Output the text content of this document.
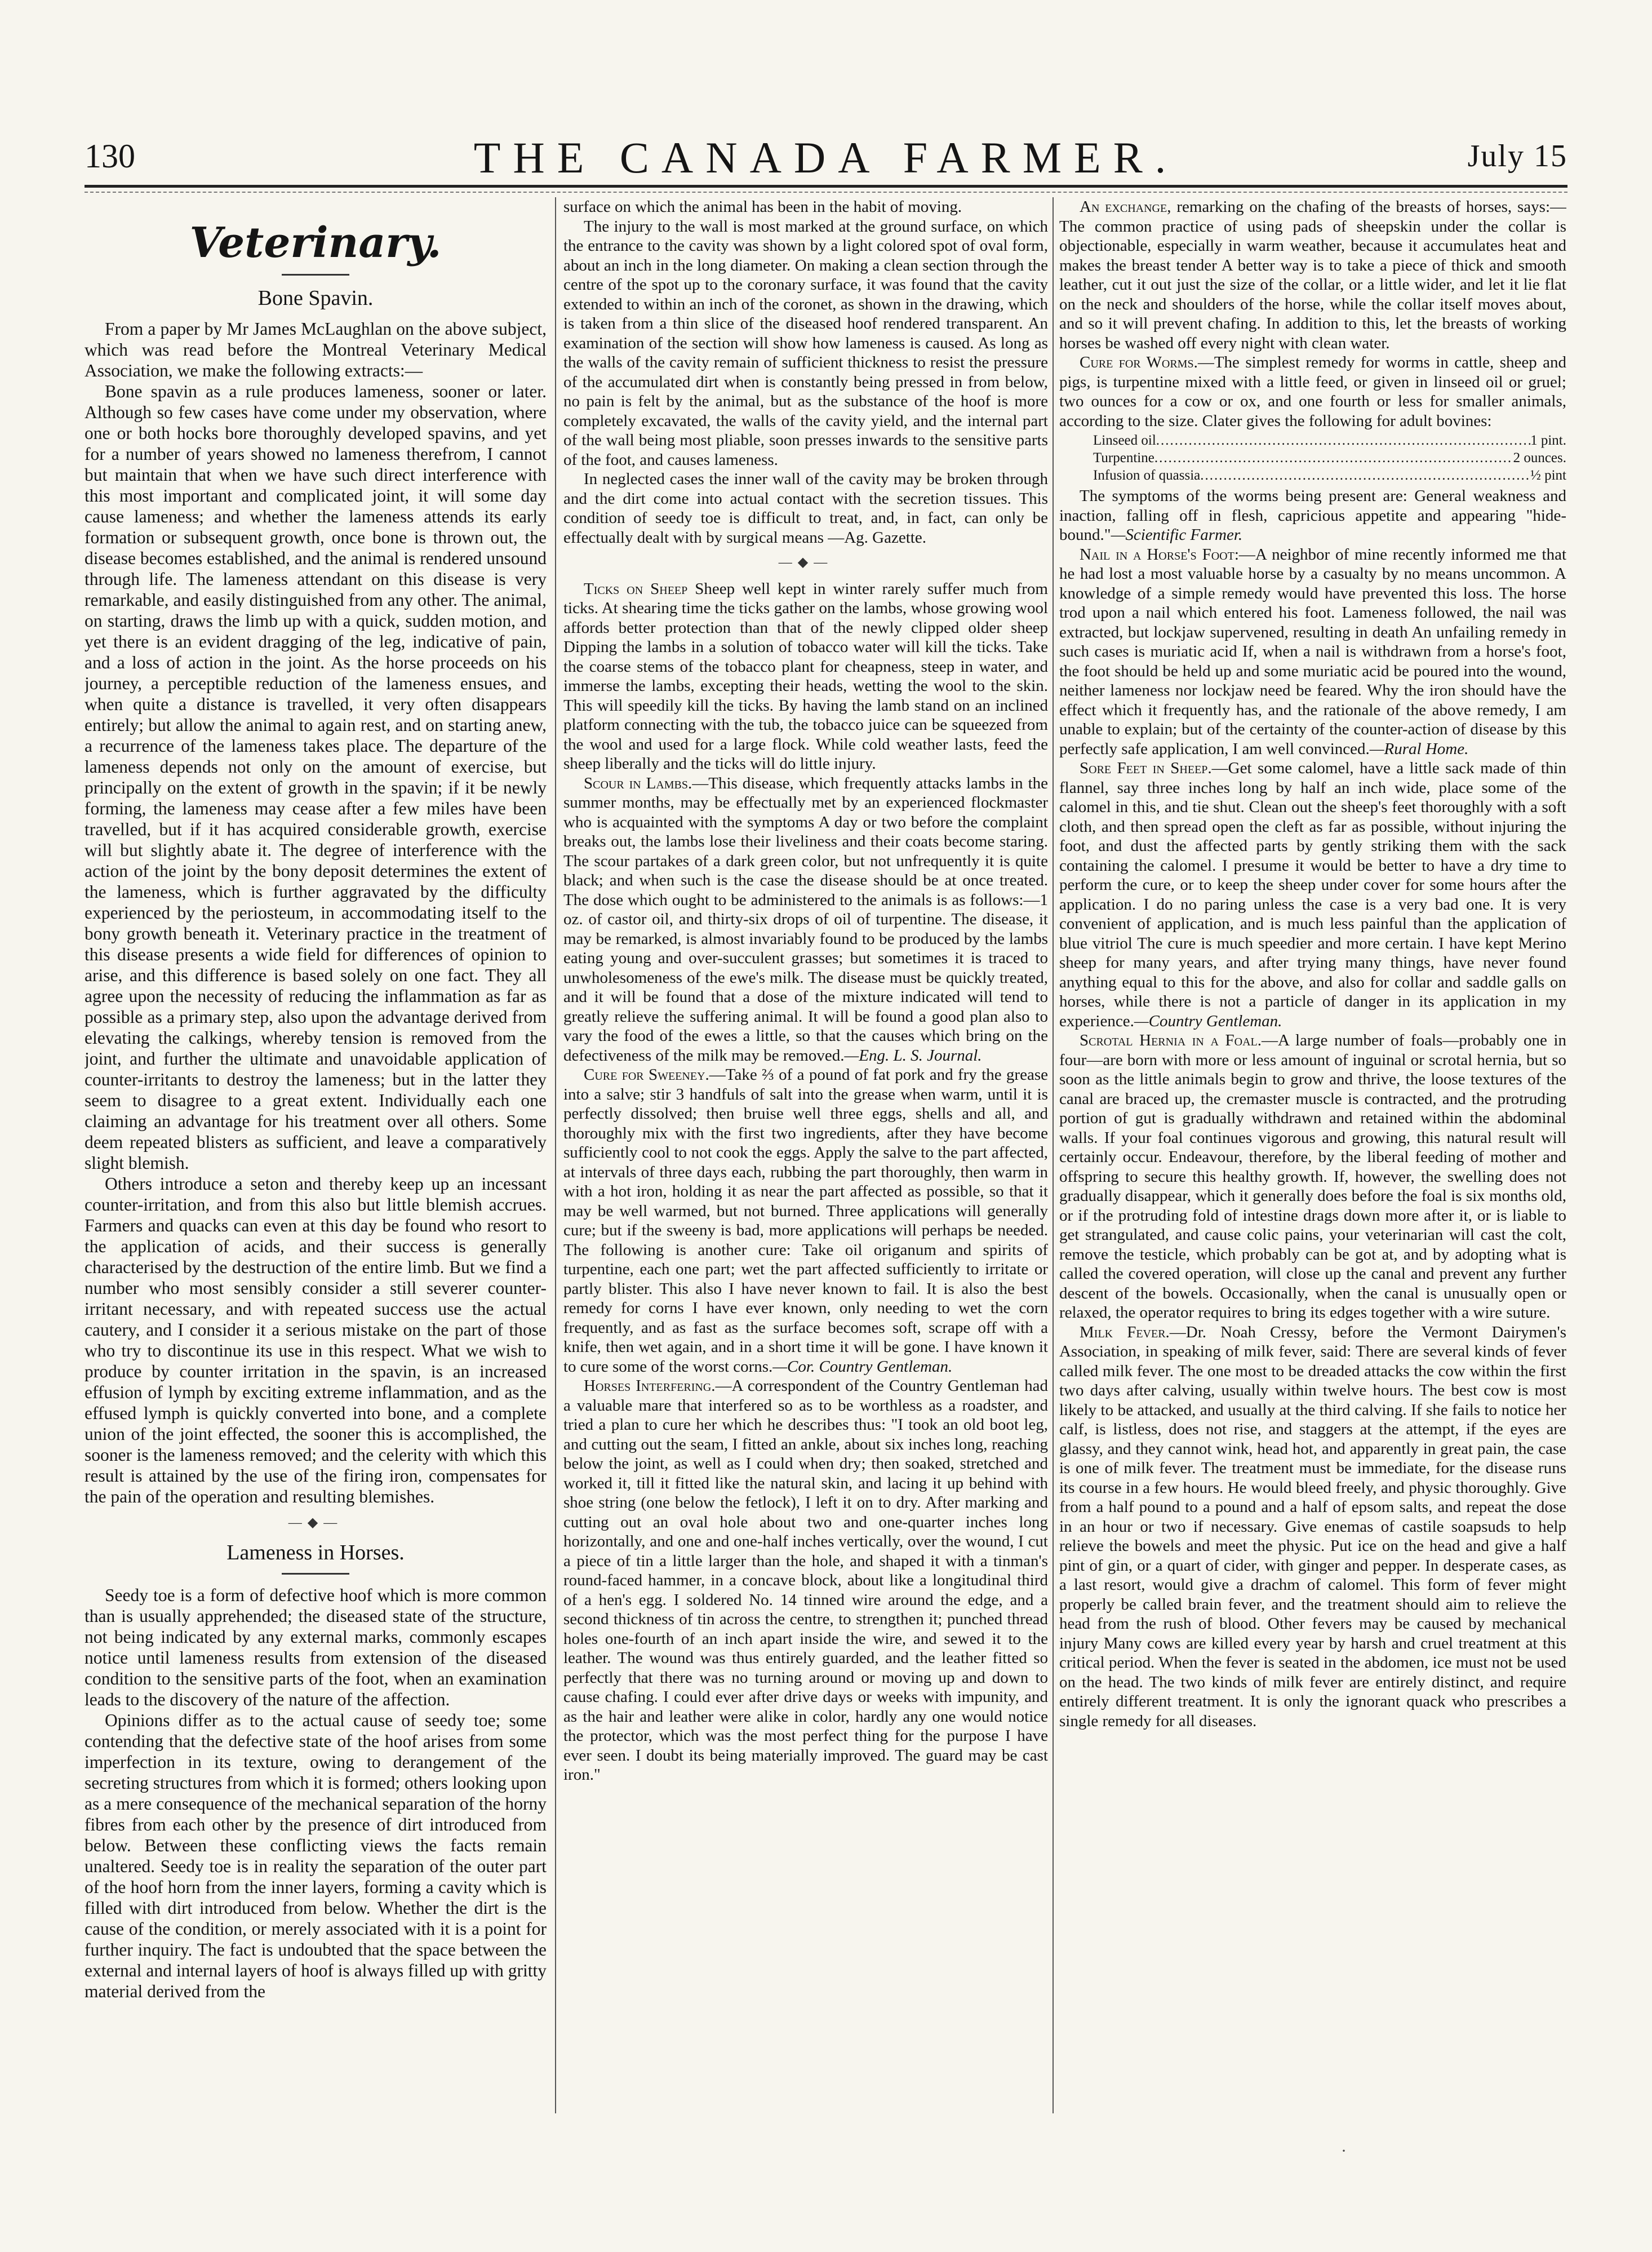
130	THE CANADA FARMER.	July 15
Veterinary.
Bone Spavin.

From a paper by Mr James McLaughlan on the above subject, which was read before the Montreal Veterinary Medical Association, we make the following extracts:—

Bone spavin as a rule produces lameness, sooner or later. Although so few cases have come under my observation, where one or both hocks bore thoroughly developed spavins, and yet for a number of years showed no lameness therefrom, I cannot but maintain that when we have such direct interference with this most important and complicated joint, it will some day cause lameness; and whether the lameness attends its early formation or subsequent growth, once bone is thrown out, the disease becomes established, and the animal is rendered unsound through life. The lameness attendant on this disease is very remarkable, and easily distinguished from any other. The animal, on starting, draws the limb up with a quick, sudden motion, and yet there is an evident dragging of the leg, indicative of pain, and a loss of action in the joint. As the horse proceeds on his journey, a perceptible reduction of the lameness ensues, and when quite a distance is travelled, it very often disappears entirely; but allow the animal to again rest, and on starting anew, a recurrence of the lameness takes place. The departure of the lameness depends not only on the amount of exercise, but principally on the extent of growth in the spavin; if it be newly forming, the lameness may cease after a few miles have been travelled, but if it has acquired considerable growth, exercise will but slightly abate it. The degree of interference with the action of the joint by the bony deposit determines the extent of the lameness, which is further aggravated by the difficulty experienced by the periosteum, in accommodating itself to the bony growth beneath it. Veterinary practice in the treatment of this disease presents a wide field for differences of opinion to arise, and this difference is based solely on one fact. They all agree upon the necessity of reducing the inflammation as far as possible as a primary step, also upon the advantage derived from elevating the calkings, whereby tension is removed from the joint, and further the ultimate and unavoidable application of counter-irritants to destroy the lameness; but in the latter they seem to disagree to a great extent. Individually each one claiming an advantage for his treatment over all others. Some deem repeated blisters as sufficient, and leave a comparatively slight blemish.

Others introduce a seton and thereby keep up an incessant counter-irritation, and from this also but little blemish accrues. Farmers and quacks can even at this day be found who resort to the application of acids, and their success is generally characterised by the destruction of the entire limb. But we find a number who most sensibly consider a still severer counter-irritant necessary, and with repeated success use the actual cautery, and I consider it a serious mistake on the part of those who try to discontinue its use in this respect. What we wish to produce by counter irritation in the spavin, is an increased effusion of lymph by exciting extreme inflammation, and as the effused lymph is quickly converted into bone, and a complete union of the joint effected, the sooner this is accomplished, the sooner is the lameness removed; and the celerity with which this result is attained by the use of the firing iron, compensates for the pain of the operation and resulting blemishes.

—◆—
Lameness in Horses.

Seedy toe is a form of defective hoof which is more common than is usually apprehended; the diseased state of the structure, not being indicated by any external marks, commonly escapes notice until lameness results from extension of the diseased condition to the sensitive parts of the foot, when an examination leads to the discovery of the nature of the affection.

Opinions differ as to the actual cause of seedy toe; some contending that the defective state of the hoof arises from some imperfection in its texture, owing to derangement of the secreting structures from which it is formed; others looking upon as a mere consequence of the mechanical separation of the horny fibres from each other by the presence of dirt introduced from below. Between these conflicting views the facts remain unaltered. Seedy toe is in reality the separation of the outer part of the hoof horn from the inner layers, forming a cavity which is filled with dirt introduced from below. Whether the dirt is the cause of the condition, or merely associated with it is a point for further inquiry. The fact is undoubted that the space between the external and internal layers of hoof is always filled up with gritty material derived from the

surface on which the animal has been in the habit of moving.

The injury to the wall is most marked at the ground surface, on which the entrance to the cavity was shown by a light colored spot of oval form, about an inch in the long diameter. On making a clean section through the centre of the spot up to the coronary surface, it was found that the cavity extended to within an inch of the coronet, as shown in the drawing, which is taken from a thin slice of the diseased hoof rendered transparent. An examination of the section will show how lameness is caused. As long as the walls of the cavity remain of sufficient thickness to resist the pressure of the accumulated dirt when is constantly being pressed in from below, no pain is felt by the animal, but as the substance of the hoof is more completely excavated, the walls of the cavity yield, and the internal part of the wall being most pliable, soon presses inwards to the sensitive parts of the foot, and causes lameness.

In neglected cases the inner wall of the cavity may be broken through and the dirt come into actual contact with the secretion tissues. This condition of seedy toe is difficult to treat, and, in fact, can only be effectually dealt with by surgical means —Ag. Gazette.

—◆—

Ticks on Sheep Sheep well kept in winter rarely suffer much from ticks. At shearing time the ticks gather on the lambs, whose growing wool affords better protection than that of the newly clipped older sheep Dipping the lambs in a solution of tobacco water will kill the ticks. Take the coarse stems of the tobacco plant for cheapness, steep in water, and immerse the lambs, excepting their heads, wetting the wool to the skin. This will speedily kill the ticks. By having the lamb stand on an inclined platform connecting with the tub, the tobacco juice can be squeezed from the wool and used for a large flock. While cold weather lasts, feed the sheep liberally and the ticks will do little injury.

Scour in Lambs.—This disease, which frequently attacks lambs in the summer months, may be effectually met by an experienced flockmaster who is acquainted with the symptoms A day or two before the complaint breaks out, the lambs lose their liveliness and their coats become staring. The scour partakes of a dark green color, but not unfrequently it is quite black; and when such is the case the disease should be at once treated. The dose which ought to be administered to the animals is as follows:—1 oz. of castor oil, and thirty-six drops of oil of turpentine. The disease, it may be remarked, is almost invariably found to be produced by the lambs eating young and over-succulent grasses; but sometimes it is traced to unwholesomeness of the ewe's milk. The disease must be quickly treated, and it will be found that a dose of the mixture indicated will tend to greatly relieve the suffering animal. It will be found a good plan also to vary the food of the ewes a little, so that the causes which bring on the defectiveness of the milk may be removed.—Eng. L. S. Journal.

Cure for Sweeney.—Take ⅔ of a pound of fat pork and fry the grease into a salve; stir 3 handfuls of salt into the grease when warm, until it is perfectly dissolved; then bruise well three eggs, shells and all, and thoroughly mix with the first two ingredients, after they have become sufficiently cool to not cook the eggs. Apply the salve to the part affected, at intervals of three days each, rubbing the part thoroughly, then warm in with a hot iron, holding it as near the part affected as possible, so that it may be well warmed, but not burned. Three applications will generally cure; but if the sweeny is bad, more applications will perhaps be needed. The following is another cure: Take oil origanum and spirits of turpentine, each one part; wet the part affected sufficiently to irritate or partly blister. This also I have never known to fail. It is also the best remedy for corns I have ever known, only needing to wet the corn frequently, and as fast as the surface becomes soft, scrape off with a knife, then wet again, and in a short time it will be gone. I have known it to cure some of the worst corns.—Cor. Country Gentleman.

Horses Interfering.—A correspondent of the Country Gentleman had a valuable mare that interfered so as to be worthless as a roadster, and tried a plan to cure her which he describes thus: "I took an old boot leg, and cutting out the seam, I fitted an ankle, about six inches long, reaching below the joint, as well as I could when dry; then soaked, stretched and worked it, till it fitted like the natural skin, and lacing it up behind with shoe string (one below the fetlock), I left it on to dry. After marking and cutting out an oval hole about two and one-quarter inches long horizontally, and one and one-half inches vertically, over the wound, I cut a piece of tin a little larger than the hole, and shaped it with a tinman's round-faced hammer, in a concave block, about like a longitudinal third of a hen's egg. I soldered No. 14 tinned wire around the edge, and a second thickness of tin across the centre, to strengthen it; punched thread holes one-fourth of an inch apart inside the wire, and sewed it to the leather. The wound was thus entirely guarded, and the leather fitted so perfectly that there was no turning around or moving up and down to cause chafing. I could ever after drive days or weeks with impunity, and as the hair and leather were alike in color, hardly any one would notice the protector, which was the most perfect thing for the purpose I have ever seen. I doubt its being materially improved. The guard may be cast iron."

An exchange, remarking on the chafing of the breasts of horses, says:—The common practice of using pads of sheepskin under the collar is objectionable, especially in warm weather, because it accumulates heat and makes the breast tender A better way is to take a piece of thick and smooth leather, cut it out just the size of the collar, or a little wider, and let it lie flat on the neck and shoulders of the horse, while the collar itself moves about, and so it will prevent chafing. In addition to this, let the breasts of working horses be washed off every night with clean water.

Cure for Worms.—The simplest remedy for worms in cattle, sheep and pigs, is turpentine mixed with a little feed, or given in linseed oil or gruel; two ounces for a cow or ox, and one fourth or less for smaller animals, according to the size. Clater gives the following for adult bovines:

Linseed oil .....	1 pint.
Turpentine .....	2 ounces.
Infusion of quassia .....	½ pint

The symptoms of the worms being present are: General weakness and inaction, falling off in flesh, capricious appetite and appearing "hide-bound."—Scientific Farmer.

Nail in a Horse's Foot:—A neighbor of mine recently informed me that he had lost a most valuable horse by a casualty by no means uncommon. A knowledge of a simple remedy would have prevented this loss. The horse trod upon a nail which entered his foot. Lameness followed, the nail was extracted, but lockjaw supervened, resulting in death An unfailing remedy in such cases is muriatic acid If, when a nail is withdrawn from a horse's foot, the foot should be held up and some muriatic acid be poured into the wound, neither lameness nor lockjaw need be feared. Why the iron should have the effect which it frequently has, and the rationale of the above remedy, I am unable to explain; but of the certainty of the counter-action of disease by this perfectly safe application, I am well convinced.—Rural Home.

Sore Feet in Sheep.—Get some calomel, have a little sack made of thin flannel, say three inches long by half an inch wide, place some of the calomel in this, and tie shut. Clean out the sheep's feet thoroughly with a soft cloth, and then spread open the cleft as far as possible, without injuring the foot, and dust the affected parts by gently striking them with the sack containing the calomel. I presume it would be better to have a dry time to perform the cure, or to keep the sheep under cover for some hours after the application. I do no paring unless the case is a very bad one. It is very convenient of application, and is much less painful than the application of blue vitriol The cure is much speedier and more certain. I have kept Merino sheep for many years, and after trying many things, have never found anything equal to this for the above, and also for collar and saddle galls on horses, while there is not a particle of danger in its application in my experience.—Country Gentleman.

Scrotal Hernia in a Foal.—A large number of foals—probably one in four—are born with more or less amount of inguinal or scrotal hernia, but so soon as the little animals begin to grow and thrive, the loose textures of the canal are braced up, the cremaster muscle is contracted, and the protruding portion of gut is gradually withdrawn and retained within the abdominal walls. If your foal continues vigorous and growing, this natural result will certainly occur. Endeavour, therefore, by the liberal feeding of mother and offspring to secure this healthy growth. If, however, the swelling does not gradually disappear, which it generally does before the foal is six months old, or if the protruding fold of intestine drags down more after it, or is liable to get strangulated, and cause colic pains, your veterinarian will cast the colt, remove the testicle, which probably can be got at, and by adopting what is called the covered operation, will close up the canal and prevent any further descent of the bowels. Occasionally, when the canal is unusually open or relaxed, the operator requires to bring its edges together with a wire suture.

Milk Fever.—Dr. Noah Cressy, before the Vermont Dairymen's Association, in speaking of milk fever, said: There are several kinds of fever called milk fever. The one most to be dreaded attacks the cow within the first two days after calving, usually within twelve hours. The best cow is most likely to be attacked, and usually at the third calving. If she fails to notice her calf, is listless, does not rise, and staggers at the attempt, if the eyes are glassy, and they cannot wink, head hot, and apparently in great pain, the case is one of milk fever. The treatment must be immediate, for the disease runs its course in a few hours. He would bleed freely, and physic thoroughly. Give from a half pound to a pound and a half of epsom salts, and repeat the dose in an hour or two if necessary. Give enemas of castile soapsuds to help relieve the bowels and meet the physic. Put ice on the head and give a half pint of gin, or a quart of cider, with ginger and pepper. In desperate cases, as a last resort, would give a drachm of calomel. This form of fever might properly be called brain fever, and the treatment should aim to relieve the head from the rush of blood. Other fevers may be caused by mechanical injury Many cows are killed every year by harsh and cruel treatment at this critical period. When the fever is seated in the abdomen, ice must not be used on the head. The two kinds of milk fever are entirely distinct, and require entirely different treatment. It is only the ignorant quack who prescribes a single remedy for all diseases.

·
